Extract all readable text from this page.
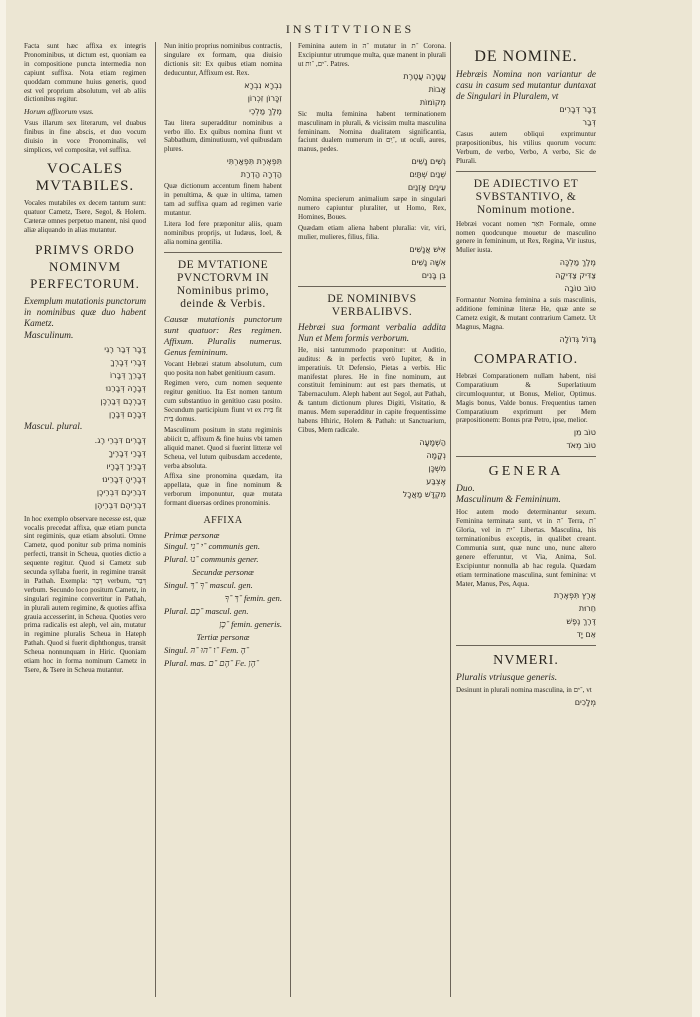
INSTITVTIONES

Facta sunt hæc affixa ex integris Pronominibus, ut dictum est, quoniam ea in compositione puncta intermedia non capiunt suffixa. Nota etiam regimen quoddam commune huius generis, quod est vel proprium absolutum, vel ab aliis dictionibus regitur.

Horum affixorum vsus.

Vsus illarum sex literarum, vel duabus finibus in fine abscis, et duo vocum diuisio in voce Pronominalis, vel simplices, vel compositæ, vel suffixa.

VOCALES MVTABILES.

Vocales mutabiles ex decem tantum sunt: quatuor Cametz, Tsere, Segol, & Holem. Cæteræ omnes perpetuo manent, nisi quod aliæ aliquando in alias mutantur.

PRIMVS ORDO NOMINVM PERFECTORUM.

Exemplum mutationis punctorum in nominibus quæ duo habent Kametz.

Masculinum.

דָּבָר דְּבַר רֶגִי

דְּבָרִי דְּבָרְךָ

דְּבָרֵךְ דְּבָרוֹ

דְּבָרָהּ דְּבָרֵנוּ

דְּבַרְכֶם דְּבַרְכֶן

דְּבָרָם דְּבָרָן

Mascul. plural.

דְּבָרִים דִּבְרֵי רֶג.

דְּבָרַי דְּבָרֶיךָ

דְּבָרַיִךְ דְּבָרָיו

דְּבָרֶיהָ דְּבָרֵינוּ

דִּבְרֵיכֶם דִּבְרֵיכֶן

דִּבְרֵיהֶם דִּבְרֵיהֶן

In hoc exemplo observare necesse est, quæ vocalis precedat affixa, quæ etiam puncta sint regiminis, quæ etiam absoluti. Omne Cametz, quod ponitur sub prima nominis perfecti, transit in Scheua, quoties dictio a sequente regitur. Quod si Cametz sub secunda syllaba fuerit, in regimine transit in Pathah. Exempla: דָּבָר verbum, דְּבַר verbum. Secundo loco positum Cametz, in singulari regimine convertitur in Pathah, in plurali autem regimine, & quoties affixa grauia accesserint, in Scheua. Quoties vero prima radicalis est aleph, vel ain, mutatur in regimine pluralis Scheua in Hateph Pathah. Quod si fuerit diphthongus, transit Scheua nonnunquam in Hiric. Quoniam etiam hoc in forma nominum Cametz in Tsere, & Tsere in Scheua mutantur.

Nun initio proprius nominibus contractis, singulare ex formam, qua diuisio dictionis sit: Ex quibus etiam nomina deducuntur, Affixum est. Rex.

נִבְרָא נִבְרָא

זִכָּרוֹן זִכְרוֹן

מֶלֶךְ מַלְכֵי

Tau litera superadditur nominibus a verbo illo. Ex quibus nomina fiunt vt Sabbathum, diminutiuum, vel quibusdam plures.

תִּפְאֶרֶת תִּפְאַרְתִּי

הַדְרָה הַדְרַת

Quæ dictionum accentum finem habent in penultima, & quæ in ultima, tamen tam ad suffixa quam ad regimen varie mutantur.

Litera Iod fere præponitur aliis, quam nominibus proprijs, ut Iudæus, Ioel, & alia nomina gentilia.

DE MVTATIONE PVNCTORVM IN Nominibus primo, deinde & Verbis.

Causæ mutationis punctorum sunt quatuor: Res regimen. Affixum. Pluralis numerus. Genus femininum.

Vocant Hebræi statum absolutum, cum quo posita non habet genitiuum casum.

Regimen vero, cum nomen sequente regitur genitiuo. Ita Est nomen tantum cum substantiuo in genitiuo casu posito. Secundum participium fiunt vt ex בַּיִת fit בֵּית domus.

Masculinum positum in statu regiminis abiicit ם, affixum & fine huius vbi tamen aliquid manet. Quod si fuerint litteræ vel Scheua, vel lutum quibusdam accedente, verba absoluta.

Affixa sine pronomina quædam, ita appellata, quæ in fine nominum & verborum imponuntur, quæ mutata formant diuersas ordines pronominis.

AFFIXA

Primæ personæ

Singul. ־י ־נִי communis gen.

Plural. ־נוּ communis gener.

Secundæ personæ

Singul. ־ךָ ־ךְ mascul. gen.

־ךְ ־ךָ femin. gen.

Plural. ־כֶם mascul. gen.

־כֶן femin. generis.

Tertiæ personæ

Singul. ־ו ־הוּ ־הּ Fem. ־הָ

Plural. mas. ־הֶם ־ם Fe. ־הֶן

Feminina autem in ־ה mutatur in ־ת Corona. Excipiuntur utrumque multa, quæ manent in plurali ut ־ים, ־ות. Patres.

עֲטָרָה עֲטֶרֶת

אָבוֹת

מְקוֹמוֹת

Sic multa feminina habent terminationem masculinam in plurali, & vicissim multa masculina femininam. Nomina dualitatem significantia, faciunt dualem numerum in ־ַיִם, ut oculi, aures, manus, pedes.

נְשִׁים נָשִׁים

שְׁנַיִם שְׁתַּיִם

עֵינַיִם אָזְנַיִם

Nomina specierum animalium sæpe in singulari numero capiuntur pluraliter, ut Homo, Rex, Homines, Boues.

Quædam etiam aliena habent pluralia: vir, viri, mulier, mulieres, filius, filia.

אִישׁ אֲנָשִׁים

אִשָּׁה נָשִׁים

בֵּן בָּנִים

DE NOMINIBVS VERBALIBVS.

Hebræi sua formant verbalia addita Nun et Mem formis verborum.

He, nisi tantummodo præponitur: ut Auditio, auditus: & in perfectis verò Iupiter, & in imperatiuis. Ut Defensio, Pietas a verbis. Hic manifestat plures. He in fine nominum, aut constituit femininum: aut est pars thematis, ut Tabernaculum. Aleph habent aut Segol, aut Pathah, & tantum dictionum plures Digiti, Visitatio, & manus. Mem superadditur in capite frequentissime habens Hhiric, Holem & Pathah: ut Sanctuarium, Cibus, Mem radicale.

הַשְׁמָעָה

נְקָמָה

מִשְׁכָּן

אֶצְבַּע

מִקְדָּשׁ מַאֲכָל

DE NOMINE.

Hebræis Nomina non variantur de casu in casum sed mutantur duntaxat de Singulari in Pluralem, vt

דָּבָר דְּבָרִים

דְּבַר

Casus autem obliqui exprimuntur præpositionibus, his vtilius quorum vocum: Verbum, de verbo, Verbo, A verbo, Sic de Plurali.

DE ADIECTIVO ET SVBSTANTIVO, & Nominum motione.

Hebræi vocant nomen תֹּאַר Formale, omne nomen quodcunque mouetur de masculino genere in femininum, ut Rex, Regina, Vir iustus, Mulier iusta.

מֶלֶךְ מַלְכָּה

צַדִּיק צַדִּיקָה

טוֹב טוֹבָה

Formantur Nomina feminina a suis masculinis, additione femininæ literæ He, quæ ante se Cametz exigit, & mutant contrarium Cametz. Ut Magnus, Magna.

גָּדוֹל גְּדוֹלָה

COMPARATIO.

Hebræi Comparationem nullam habent, nisi Comparatiuum & Superlatiuum circumloquuntur, ut Bonus, Melior, Optimus. Magis bonus, Valde bonus. Frequentius tamen Comparatiuum exprimunt per Mem præpositionem: Bonus præ Petro, ipse, melior.

טוֹב מִן

טוֹב מְאֹד

GENERA

Duo.

Masculinum & Femininum.

Hoc autem modo determinantur sexum. Feminina terminata sunt, vt in ־ה Terra, ־ת Gloria, vel in ־ית Libertas. Masculina, his terminationibus exceptis, in qualibet creant. Communia sunt, quæ nunc uno, nunc altero genere efferuntur, vt Via, Anima, Sol. Excipiuntur nonnulla ab hac regula. Quædam etiam terminatione masculina, sunt feminina: vt Mater, Manus, Pes, Aqua.

אֶרֶץ תִּפְאֶרֶת

חֵרוּת

דֶּרֶךְ נֶפֶשׁ

אֵם יָד

NVMERI.

Pluralis vtriusque generis.

Desinunt in plurali nomina masculina, in ־ים, vt

מְלָכִים
